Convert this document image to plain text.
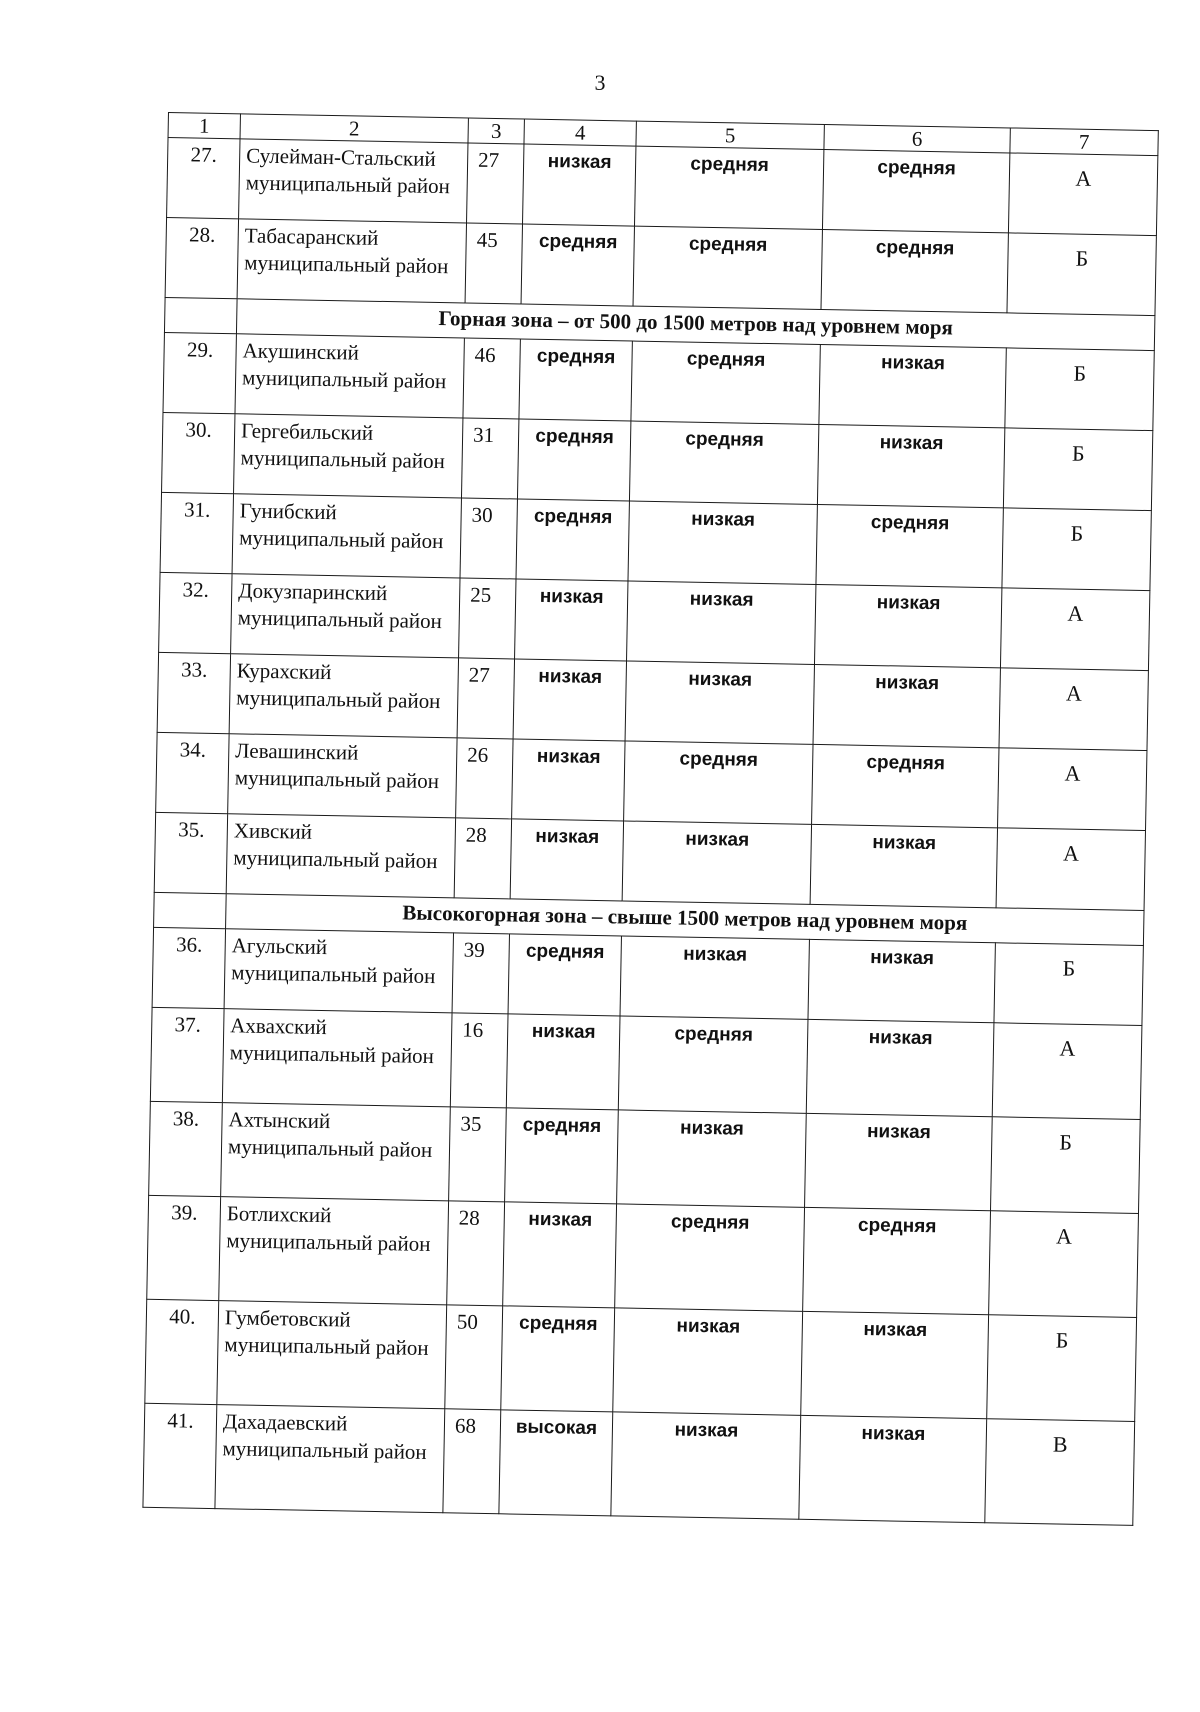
3
1	2	3	4	5	6	7
27.	Сулейман-Стальский муниципальный район	27	низкая	средняя	средняя	А
28.	Табасаранский муниципальный район	45	средняя	средняя	средняя	Б
	Горная зона – от 500 до 1500 метров над уровнем моря					
29.	Акушинский муниципальный район	46	средняя	средняя	низкая	Б
30.	Гергебильский муниципальный район	31	средняя	средняя	низкая	Б
31.	Гунибский муниципальный район	30	средняя	низкая	средняя	Б
32.	Докузпаринский муниципальный район	25	низкая	низкая	низкая	А
33.	Курахский муниципальный район	27	низкая	низкая	низкая	А
34.	Левашинский муниципальный район	26	низкая	средняя	средняя	А
35.	Хивский муниципальный район	28	низкая	низкая	низкая	А
	Высокогорная зона – свыше 1500 метров над уровнем моря					
36.	Агульский муниципальный район	39	средняя	низкая	низкая	Б
37.	Ахвахский муниципальный район	16	низкая	средняя	низкая	А
38.	Ахтынский муниципальный район	35	средняя	низкая	низкая	Б
39.	Ботлихский муниципальный район	28	низкая	средняя	средняя	А
40.	Гумбетовский муниципальный район	50	средняя	низкая	низкая	Б
41.	Дахадаевский муниципальный район	68	высокая	низкая	низкая	В
